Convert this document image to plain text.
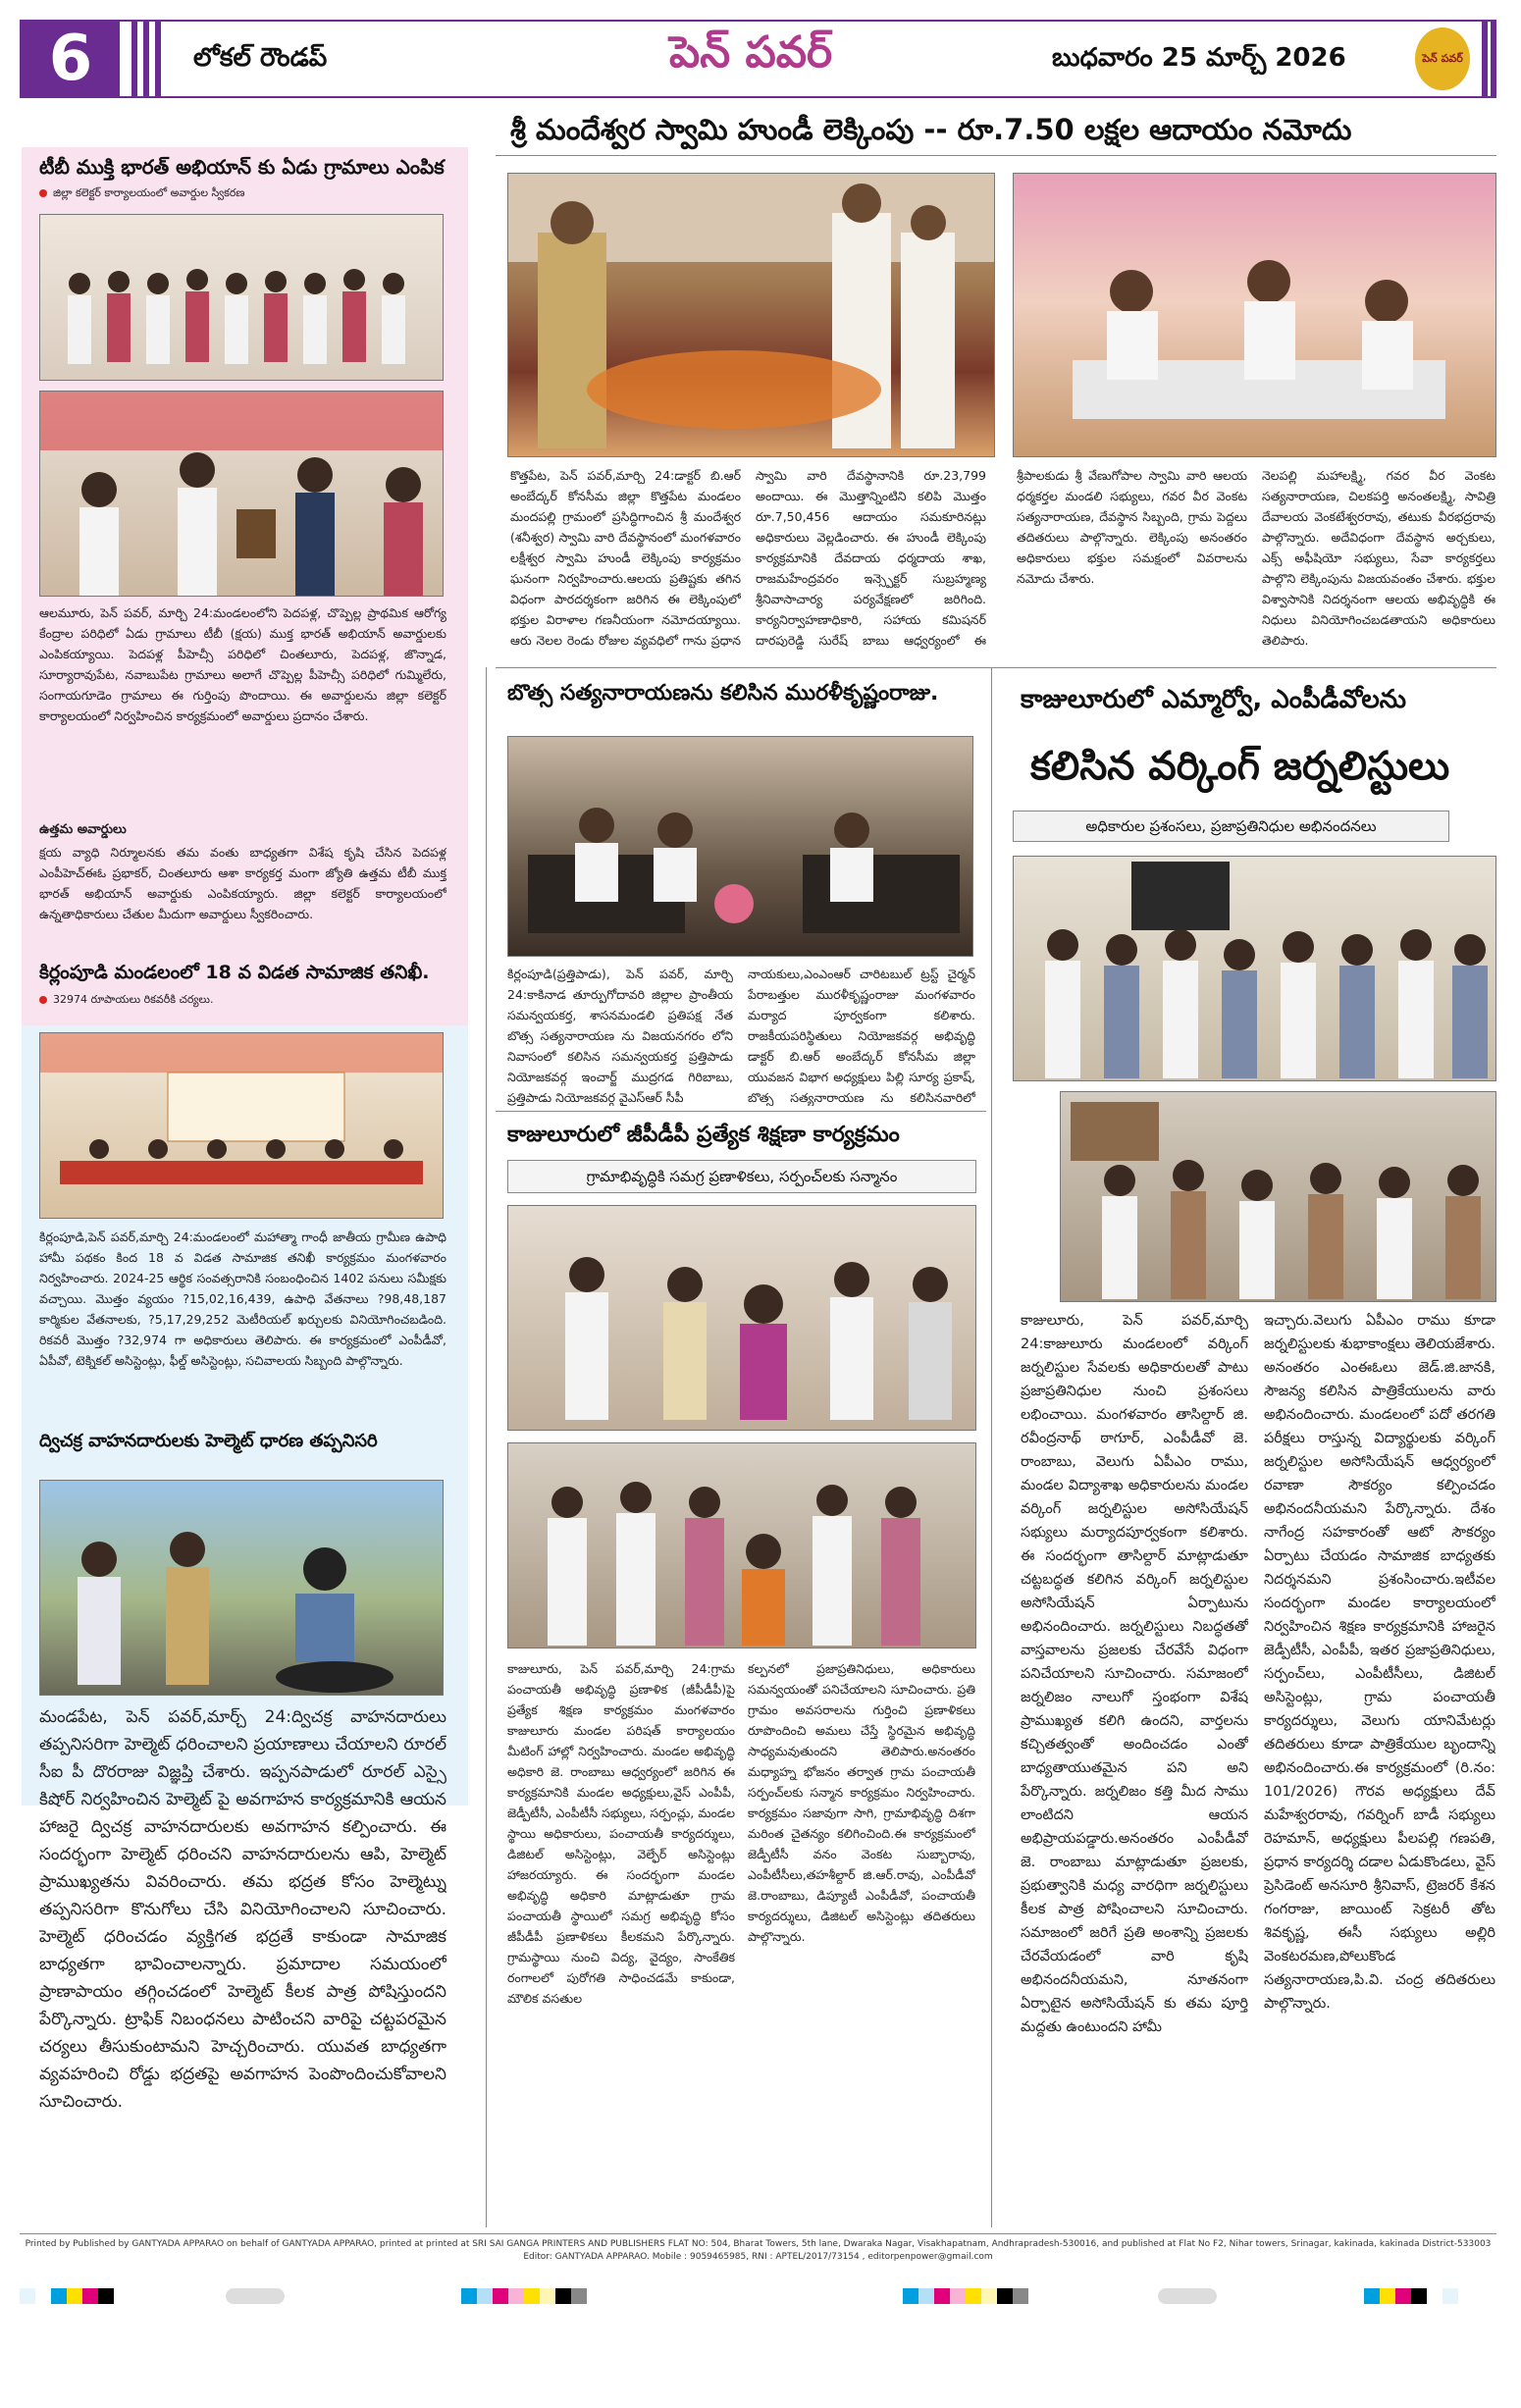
6	లోకల్ రౌండప్	పెన్ పవర్	బుధవారం 25 మార్చ్ 2026	పెన్ పవర్
శ్రీ మందేశ్వర స్వామి హుండీ లెక్కింపు -- రూ.7.50 లక్షల ఆదాయం నమోదు
కొత్తపేట, పెన్ పవర్,మార్చి 24:డాక్టర్ బి.ఆర్ అంబేద్కర్ కోనసీమ జిల్లా కొత్తపేట మండలం మందపల్లి గ్రామంలో ప్రసిద్ధిగాంచిన శ్రీ మందేశ్వర (శనీశ్వర) స్వామి వారి దేవస్థానంలో మంగళవారం లక్షీశ్వర స్వామి హుండీ లెక్కింపు కార్యక్రమం ఘనంగా నిర్వహించారు.ఆలయ ప్రతిష్టకు తగిన విధంగా పారదర్శకంగా జరిగిన ఈ లెక్కింపులో భక్తుల విరాళాల గణనీయంగా నమోదయ్యాయి. ఆరు నెలల రెండు రోజుల వ్యవధిలో గాను ప్రధాన
స్వామి వారి దేవస్థానానికి రూ.23,799 అందాయి. ఈ మొత్తాన్నింటిని కలిపి మొత్తం రూ.7,50,456 ఆదాయం సమకూరినట్లు అధికారులు వెల్లడించారు. ఈ హుండీ లెక్కింపు కార్యక్రమానికి దేవదాయ ధర్మదాయ శాఖ, రాజమహేంద్రవరం ఇన్స్పెక్టర్ సుబ్రహ్మణ్య శ్రీనివాసాచార్య పర్యవేక్షణలో జరిగింది. కార్యనిర్వాహణాధికారి, సహాయ కమిషనర్ దారపురెడ్డి సురేష్ బాబు ఆధ్వర్యంలో ఈ
శ్రీపాలకుడు శ్రీ వేణుగోపాల స్వామి వారి ఆలయ ధర్మకర్తల మండలి సభ్యులు, గవర వీర వెంకట సత్యనారాయణ, దేవస్థాన సిబ్బంది, గ్రామ పెద్దలు తదితరులు పాల్గొన్నారు. లెక్కింపు అనంతరం అధికారులు భక్తుల సమక్షంలో వివరాలను నమోదు చేశారు.
నెలపల్లి మహాలక్ష్మి, గవర వీర వెంకట సత్యనారాయణ, చిలకపర్తి అనంతలక్ష్మి, సావిత్రి దేవాలయ వెంకటేశ్వరరావు, తటుకు వీరభద్రరావు పాల్గొన్నారు. అదేవిధంగా దేవస్థాన అర్చకులు, ఎక్స్ అఫీషియో సభ్యులు, సేవా కార్యకర్తలు పాల్గొని లెక్కింపును విజయవంతం చేశారు. భక్తుల విశ్వాసానికి నిదర్శనంగా ఆలయ అభివృద్ధికి ఈ నిధులు వినియోగించబడతాయని అధికారులు తెలిపారు.
టీబీ ముక్తి భారత్ అభియాన్ కు ఏడు గ్రామాలు ఎంపిక
జిల్లా కలెక్టర్ కార్యాలయంలో అవార్డుల స్వీకరణ
ఆలమూరు, పెన్ పవర్, మార్చి 24:మండలంలోని పెదపళ్ల, చొప్పెల్ల ప్రాథమిక ఆరోగ్య కేంద్రాల పరిధిలో ఏడు గ్రామాలు టీబీ (క్షయ) ముక్త భారత్ అభియాన్ అవార్డులకు ఎంపికయ్యాయి. పెదపళ్ల పీహెచ్సీ పరిధిలో చింతలూరు, పెదపళ్ల, జొన్నాడ, సూర్యారావుపేట, నవాబుపేట గ్రామాలు అలాగే చొప్పెల్ల పీహెచ్సీ పరిధిలో గుమ్మిలేరు, సంగాయగూడెం గ్రామాలు ఈ గుర్తింపు పొందాయి. ఈ అవార్డులను జిల్లా కలెక్టర్ కార్యాలయంలో నిర్వహించిన కార్యక్రమంలో అవార్డులు ప్రదానం చేశారు.
ఉత్తమ అవార్డులు
క్షయ వ్యాధి నిర్మూలనకు తమ వంతు బాధ్యతగా విశేష కృషి చేసిన పెదపళ్ల ఎంపీహెచ్ఈఓ ప్రభాకర్, చింతలూరు ఆశా కార్యకర్త మంగా జ్యోతి ఉత్తమ టీబీ ముక్త భారత్ అభియాన్ అవార్డుకు ఎంపికయ్యారు. జిల్లా కలెక్టర్ కార్యాలయంలో ఉన్నతాధికారులు చేతుల మీదుగా అవార్డులు స్వీకరించారు.
కిర్లంపూడి మండలంలో 18 వ విడత సామాజిక తనిఖీ.
32974 రూపాయలు రికవరీకి చర్యలు.
కిర్లంపూడి,పెన్ పవర్,మార్చి 24:మండలంలో మహాత్మా గాంధీ జాతీయ గ్రామీణ ఉపాధి హామీ పథకం కింద 18 వ విడత సామాజిక తనిఖీ కార్యక్రమం మంగళవారం నిర్వహించారు. 2024-25 ఆర్థిక సంవత్సరానికి సంబంధించిన 1402 పనులు సమీక్షకు వచ్చాయి. మొత్తం వ్యయం ?15,02,16,439, ఉపాధి వేతనాలు ?98,48,187 కార్మికుల వేతనాలకు, ?5,17,29,252 మెటీరియల్ ఖర్చులకు వినియోగించబడింది. రికవరీ మొత్తం ?32,974 గా అధికారులు తెలిపారు. ఈ కార్యక్రమంలో ఎంపీడీవో, ఏపీవో, టెక్నికల్ అసిస్టెంట్లు, ఫీల్డ్ అసిస్టెంట్లు, సచివాలయ సిబ్బంది పాల్గొన్నారు.
ద్విచక్ర వాహనదారులకు హెల్మెట్ ధారణ తప్పనిసరి
మండపేట, పెన్ పవర్,మార్చ్ 24:ద్విచక్ర వాహనదారులు తప్పనిసరిగా హెల్మెట్ ధరించాలని ప్రయాణాలు చేయాలని రూరల్ సీఐ పీ దొరరాజు విజ్ఞప్తి చేశారు. ఇప్పనపాడులో రూరల్ ఎస్సై కిషోర్ నిర్వహించిన హెల్మెట్ పై అవగాహన కార్యక్రమానికి ఆయన హాజరై ద్విచక్ర వాహనదారులకు అవగాహన కల్పించారు. ఈ సందర్భంగా హెల్మెట్ ధరించని వాహనదారులను ఆపి, హెల్మెట్ ప్రాముఖ్యతను వివరించారు. తమ భద్రత కోసం హెల్మెట్ను తప్పనిసరిగా కొనుగోలు చేసి వినియోగించాలని సూచించారు. హెల్మెట్ ధరించడం వ్యక్తిగత భద్రతే కాకుండా సామాజిక బాధ్యతగా భావించాలన్నారు. ప్రమాదాల సమయంలో ప్రాణాపాయం తగ్గించడంలో హెల్మెట్ కీలక పాత్ర పోషిస్తుందని పేర్కొన్నారు. ట్రాఫిక్ నిబంధనలు పాటించని వారిపై చట్టపరమైన చర్యలు తీసుకుంటామని హెచ్చరించారు. యువత బాధ్యతగా వ్యవహరించి రోడ్డు భద్రతపై అవగాహన పెంపొందించుకోవాలని సూచించారు.
బొత్స సత్యనారాయణను కలిసిన మురళీకృష్ణంరాజు.
కిర్లంపూడి(ప్రత్తిపాడు), పెన్ పవర్, మార్చి 24:కాకినాడ తూర్పుగోదావరి జిల్లాల ప్రాంతీయ సమన్వయకర్త, శాసనమండలి ప్రతిపక్ష నేత బొత్స సత్యనారాయణ ను విజయనగరం లోని నివాసంలో కలిసిన సమన్వయకర్త ప్రత్తిపాడు నియోజకవర్గ ఇంచార్జ్ ముద్రగడ గిరిబాబు, ప్రత్తిపాడు నియోజకవర్గ వైఎస్ఆర్ సీపీ
నాయకులు,ఎంఎంఆర్ చారిటబుల్ ట్రస్ట్ చైర్మన్ పేరాబత్తుల మురళీకృష్ణంరాజు మంగళవారం మర్యాద పూర్వకంగా కలిశారు. రాజకీయపరిస్థితులు నియోజకవర్గ అభివృద్ధి డాక్టర్ బి.ఆర్ అంబేద్కర్ కోనసీమ జిల్లా యువజన విభాగ అధ్యక్షులు పిల్లి సూర్య ప్రకాష్, బొత్స సత్యనారాయణ ను కలిసినవారిలో
కాజులూరులో జీపీడీపీ ప్రత్యేక శిక్షణా కార్యక్రమం
గ్రామాభివృద్ధికి సమగ్ర ప్రణాళికలు, సర్పంచ్‌లకు సన్మానం
కాజులూరు, పెన్ పవర్,మార్చి 24:గ్రామ పంచాయతీ అభివృద్ధి ప్రణాళిక (జీపీడీపీ)పై ప్రత్యేక శిక్షణ కార్యక్రమం మంగళవారం కాజులూరు మండల పరిషత్ కార్యాలయం మీటింగ్ హాల్లో నిర్వహించారు. మండల అభివృద్ధి అధికారి జె. రాంబాబు ఆధ్వర్యంలో జరిగిన ఈ కార్యక్రమానికి మండల అధ్యక్షులు,వైస్ ఎంపీపీ, జెడ్పీటీసీ, ఎంపీటీసీ సభ్యులు, సర్పంచ్లు, మండల స్థాయి అధికారులు, పంచాయతీ కార్యదర్శులు, డిజిటల్ అసిస్టెంట్లు, వెల్ఫేర్ అసిస్టెంట్లు హాజరయ్యారు. ఈ సందర్భంగా మండల అభివృద్ధి అధికారి మాట్లాడుతూ గ్రామ పంచాయతీ స్థాయిలో సమగ్ర అభివృద్ధి కోసం జీపీడీపీ ప్రణాళికలు కీలకమని పేర్కొన్నారు. గ్రామస్థాయి నుంచి విద్య, వైద్యం, సాంకేతిక రంగాలలో పురోగతి సాధించడమే కాకుండా, మౌలిక వసతుల
కల్పనలో ప్రజాప్రతినిధులు, అధికారులు సమన్వయంతో పనిచేయాలని సూచించారు. ప్రతి గ్రామం అవసరాలను గుర్తించి ప్రణాళికలు రూపొందించి అమలు చేస్తే స్థిరమైన అభివృద్ధి సాధ్యమవుతుందని తెలిపారు.అనంతరం మధ్యాహ్న భోజనం తర్వాత గ్రామ పంచాయతీ సర్పంచ్‌లకు సన్మాన కార్యక్రమం నిర్వహించారు. కార్యక్రమం సజావుగా సాగి, గ్రామాభివృద్ధి దిశగా మరింత చైతన్యం కలిగించింది.ఈ కార్యక్రమంలో జెడ్పీటీసీ వనం వెంకట సుబ్బారావు, ఎంపీటీసీలు,తహశీల్దార్ జి.ఆర్.రావు, ఎంపీడీవో జె.రాంబాబు, డిప్యూటీ ఎంపీడీవో, పంచాయతీ కార్యదర్శులు, డిజిటల్ అసిస్టెంట్లు తదితరులు పాల్గొన్నారు.
కాజులూరులో ఎమ్మార్వో, ఎంపీడీవోలను
కలిసిన వర్కింగ్ జర్నలిస్టులు
అధికారుల ప్రశంసలు, ప్రజాప్రతినిధుల అభినందనలు
కాజులూరు, పెన్ పవర్,మార్చి 24:కాజులూరు మండలంలో వర్కింగ్ జర్నలిస్టుల సేవలకు అధికారులతో పాటు ప్రజాప్రతినిధుల నుంచి ప్రశంసలు లభించాయి. మంగళవారం తాసిల్దార్ జి. రవీంద్రనాథ్ ఠాగూర్, ఎంపీడీవో జె. రాంబాబు, వెలుగు ఏపీఎం రాము, మండల విద్యాశాఖ అధికారులను మండల వర్కింగ్ జర్నలిస్టుల అసోసియేషన్ సభ్యులు మర్యాదపూర్వకంగా కలిశారు. ఈ సందర్భంగా తాసిల్దార్ మాట్లాడుతూ చట్టబద్ధత కలిగిన వర్కింగ్ జర్నలిస్టుల అసోసియేషన్ ఏర్పాటును అభినందించారు. జర్నలిస్టులు నిబద్ధతతో వాస్తవాలను ప్రజలకు చేరవేసే విధంగా పనిచేయాలని సూచించారు. సమాజంలో జర్నలిజం నాలుగో స్తంభంగా విశేష ప్రాముఖ్యత కలిగి ఉందని, వార్తలను కచ్చితత్వంతో అందించడం ఎంతో బాధ్యతాయుతమైన పని అని పేర్కొన్నారు. జర్నలిజం కత్తి మీద సాము లాంటిదని ఆయన అభిప్రాయపడ్డారు.అనంతరం ఎంపీడీవో జె. రాంబాబు మాట్లాడుతూ ప్రజలకు, ప్రభుత్వానికి మధ్య వారధిగా జర్నలిస్టులు కీలక పాత్ర పోషించాలని సూచించారు. సమాజంలో జరిగే ప్రతి అంశాన్ని ప్రజలకు చేరవేయడంలో వారి కృషి అభినందనీయమని, నూతనంగా ఏర్పాటైన అసోసియేషన్ కు తమ పూర్తి మద్దతు ఉంటుందని హామీ
ఇచ్చారు.వెలుగు ఏపీఎం రాము కూడా జర్నలిస్టులకు శుభాకాంక్షలు తెలియజేశారు. అనంతరం ఎంఈఓలు జెడ్.జి.జానకి, సౌజన్య కలిసిన పాత్రికేయులను వారు అభినందించారు. మండలంలో పదో తరగతి పరీక్షలు రాస్తున్న విద్యార్థులకు వర్కింగ్ జర్నలిస్టుల అసోసియేషన్ ఆధ్వర్యంలో రవాణా సౌకర్యం కల్పించడం అభినందనీయమని పేర్కొన్నారు. దేశం నాగేంద్ర సహకారంతో ఆటో సౌకర్యం ఏర్పాటు చేయడం సామాజిక బాధ్యతకు నిదర్శనమని ప్రశంసించారు.ఇటీవల సందర్భంగా మండల కార్యాలయంలో నిర్వహించిన శిక్షణ కార్యక్రమానికి హాజరైన జెడ్పీటీసీ, ఎంపీపీ, ఇతర ప్రజాప్రతినిధులు, సర్పంచ్‌లు, ఎంపీటీసీలు, డిజిటల్ అసిస్టెంట్లు, గ్రామ పంచాయతీ కార్యదర్శులు, వెలుగు యానిమేటర్లు తదితరులు కూడా పాత్రికేయుల బృందాన్ని అభినందించారు.ఈ కార్యక్రమంలో (రి.నం: 101/2026) గౌరవ అధ్యక్షులు దేవ్ మహేశ్వరరావు, గవర్నింగ్ బాడీ సభ్యులు రెహమాన్, అధ్యక్షులు పీలపల్లి గణపతి, ప్రధాన కార్యదర్శి దడాల ఏడుకొండలు, వైస్ ప్రెసిడెంట్ అనసూరి శ్రీనివాస్, ట్రెజరర్ కేశన గంగరాజు, జాయింట్ సెక్రటరీ తోట శివకృష్ణ, ఈసీ సభ్యులు అల్లిరి వెంకటరమణ,పోలుకొండ సత్యనారాయణ,పి.వి. చంద్ర తదితరులు పాల్గొన్నారు.
Printed by Published by GANTYADA APPARAO on behalf of GANTYADA APPARAO, printed at printed at SRI SAI GANGA PRINTERS AND PUBLISHERS FLAT NO: 504, Bharat Towers, 5th lane, Dwaraka Nagar, Visakhapatnam, Andhrapradesh-530016, and published at Flat No F2, Nihar towers, Srinagar, kakinada, kakinada District-533003
Editor: GANTYADA APPARAO. Mobile : 9059465985, RNI : APTEL/2017/73154 , editorpenpower@gmail.com
